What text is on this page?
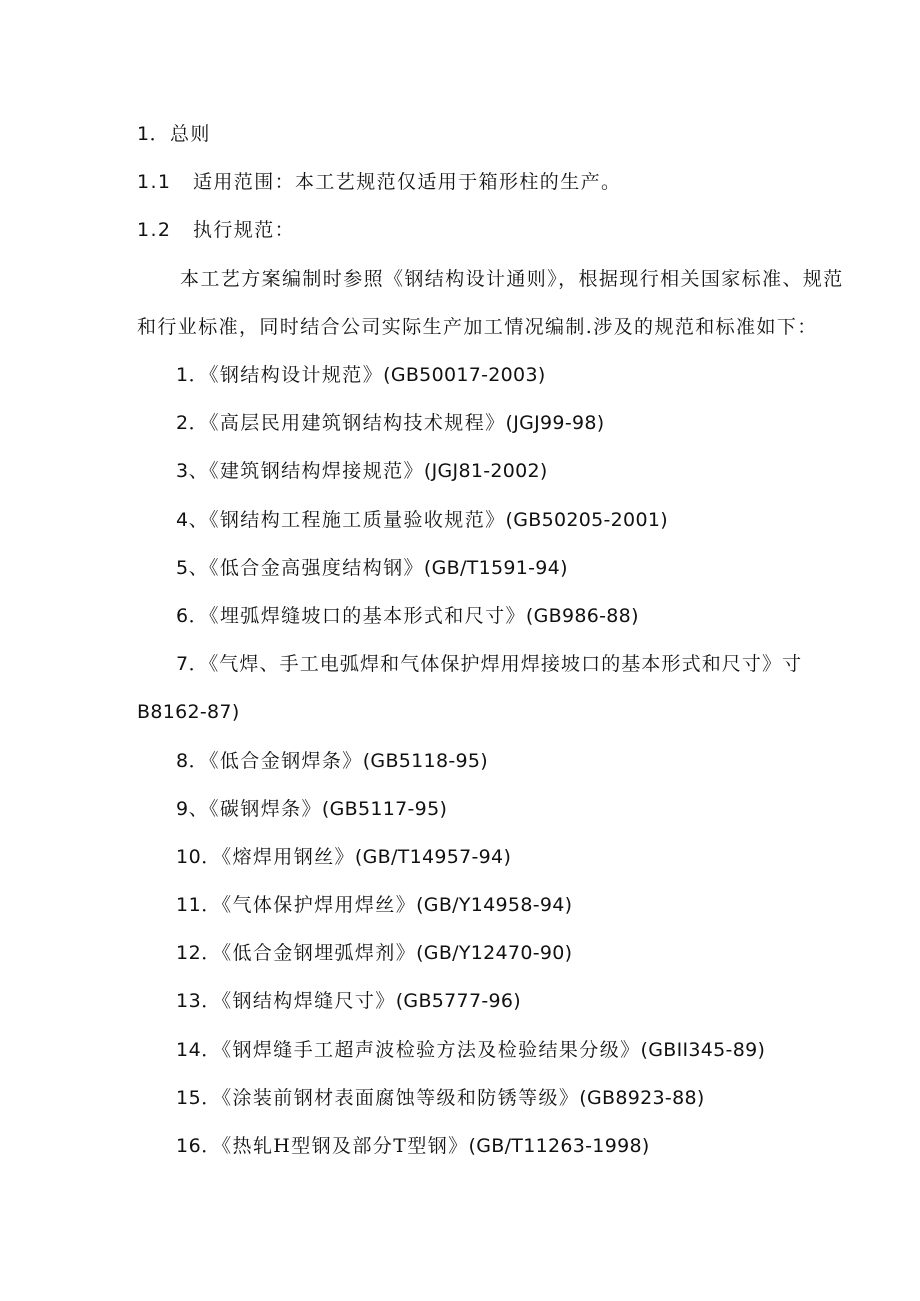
1．总则
1.1 适用范围：本工艺规范仅适用于箱形柱的生产。
1.2 执行规范：
本工艺方案编制时参照《钢结构设计通则》，根据现行相关国家标准、规范
和行业标准，同时结合公司实际生产加工情况编制.涉及的规范和标准如下：
1．《钢结构设计规范》(GB50017-2003)
2．《高层民用建筑钢结构技术规程》(JGJ99-98)
3、《建筑钢结构焊接规范》(JGJ81-2002)
4、《钢结构工程施工质量验收规范》(GB50205-2001)
5、《低合金高强度结构钢》(GB/T1591-94)
6．《埋弧焊缝坡口的基本形式和尺寸》(GB986-88)
7．《气焊、手工电弧焊和气体保护焊用焊接坡口的基本形式和尺寸》寸
B8162-87)
8．《低合金钢焊条》(GB5118-95)
9、《碳钢焊条》(GB5117-95)
10．《熔焊用钢丝》(GB/T14957-94)
11．《气体保护焊用焊丝》(GB/Y14958-94)
12．《低合金钢埋弧焊剂》(GB/Y12470-90)
13．《钢结构焊缝尺寸》(GB5777-96)
14．《钢焊缝手工超声波检验方法及检验结果分级》(GBII345-89)
15．《涂装前钢材表面腐蚀等级和防锈等级》(GB8923-88)
16．《热轧H型钢及部分T型钢》(GB/T11263-1998)
